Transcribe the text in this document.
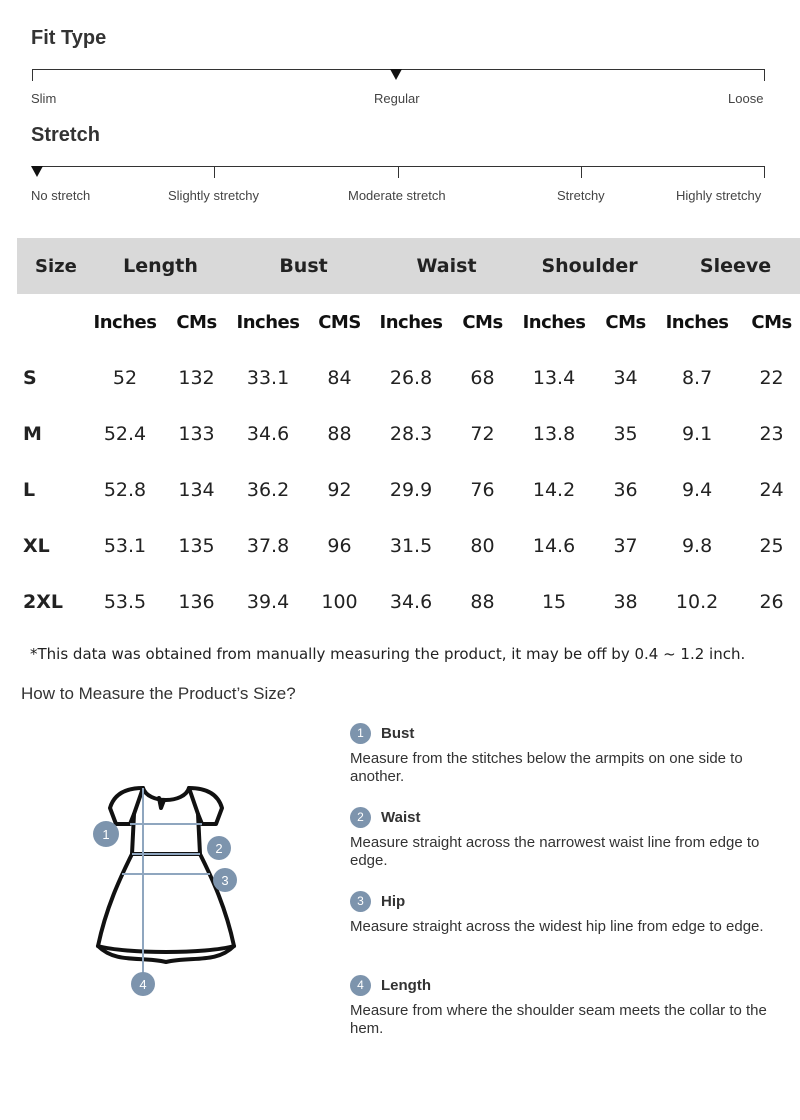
Fit Type
Slim	Regular	Loose
Stretch
No stretch	Slightly stretchy	Moderate stretch	Stretchy	Highly stretchy
Size	Length		Bust		Waist		Shoulder		Sleeve	
	Inches	CMs	Inches	CMS	Inches	CMs	Inches	CMs	Inches	CMs
S	52	132	33.1	84	26.8	68	13.4	34	8.7	22
M	52.4	133	34.6	88	28.3	72	13.8	35	9.1	23
L	52.8	134	36.2	92	29.9	76	14.2	36	9.4	24
XL	53.1	135	37.8	96	31.5	80	14.6	37	9.8	25
2XL	53.5	136	39.4	100	34.6	88	15	38	10.2	26
*This data was obtained from manually measuring the product, it may be off by 0.4 ~ 1.2 inch.
How to Measure the Product’s Size?
1
2
3
4
1	Bust
Measure from the stitches below the armpits on one side to another.
2	Waist
Measure straight across the narrowest waist line from edge to edge.
3	Hip
Measure straight across the widest hip line from edge to edge.
4	Length
Measure from where the shoulder seam meets the collar to the hem.
